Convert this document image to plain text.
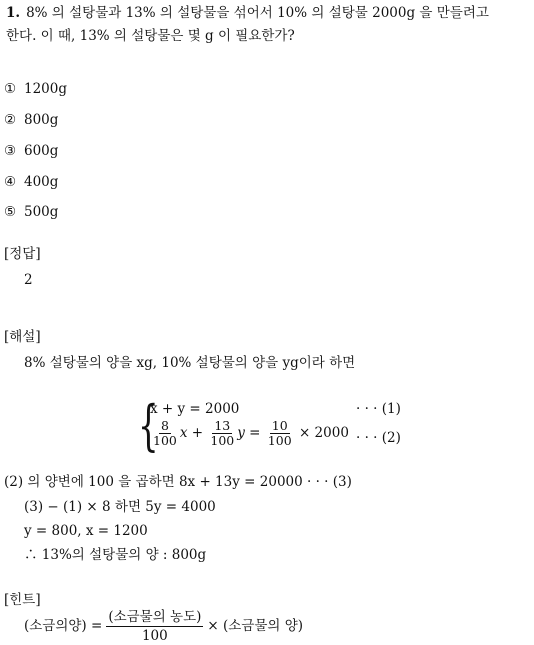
1. 8% 의 설탕물과 13% 의 설탕물을 섞어서 10% 의 설탕물 2000g 을 만들려고
한다. 이 때, 13% 의 설탕물은 몇 g 이 필요한가?
① 1200g
② 800g
③ 600g
④ 400g
⑤ 500g
[정답]
2
[해설]
8% 설탕물의 양을 xg, 10% 설탕물의 양을 yg이라 하면
{
x + y = 2000	· · · (1)
$\frac{8}{100}$ $x + \frac{13}{100}$ $y = \frac{10}{100}$
× 2000 · · · (2)
(2) 의 양변에 100 을 곱하면 8x + 13y = 20000 · · · (3)
(3) − (1) × 8 하면 5y = 4000
y = 800, x = 1200
∴ 13%의 설탕물의 양 : 800g
[힌트]
(소금의양) = $\frac{\text{(소금물의 농도)}}{100}$ × (소금물의 양)
